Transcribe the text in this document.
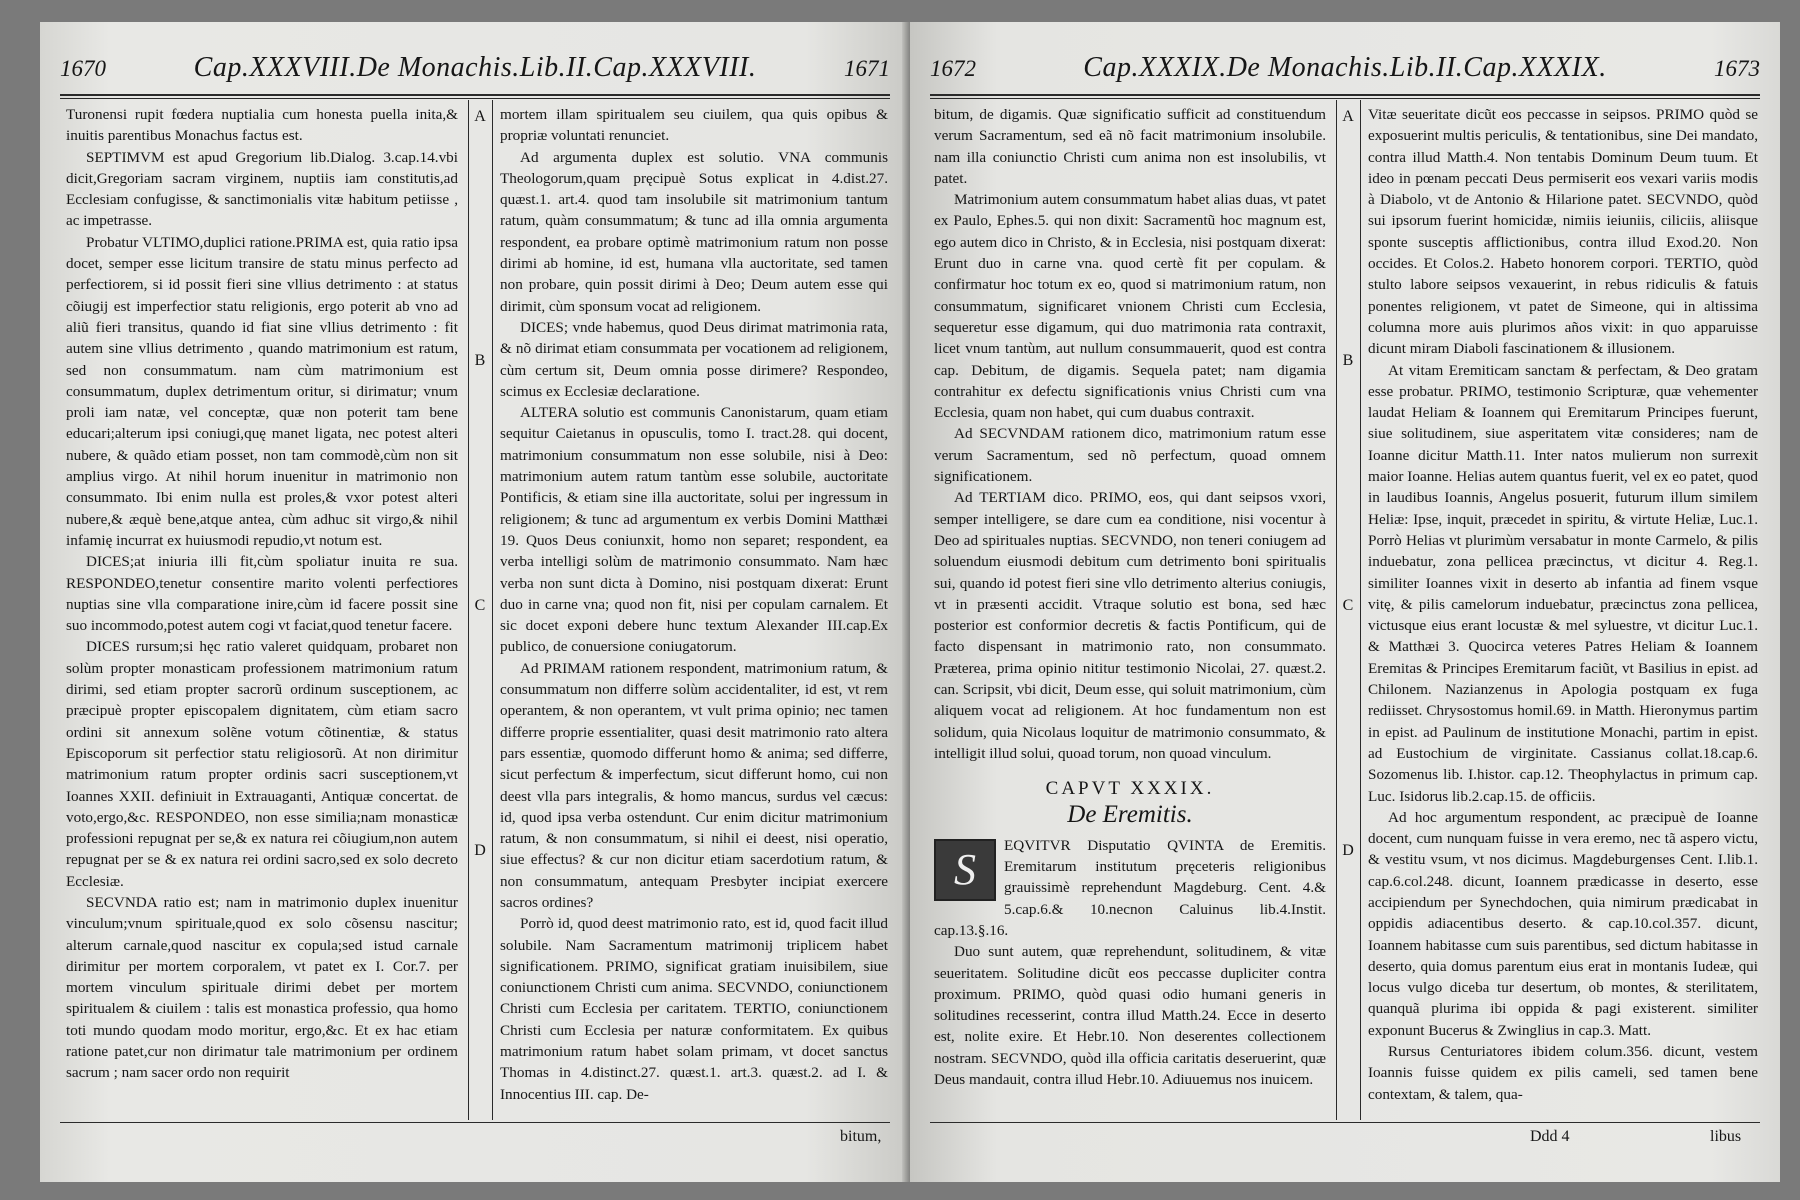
1670	Cap.XXXVIII.De Monachis.Lib.II.Cap.XXXVIII.	1671

Turonensi rupit fœdera nuptialia cum honesta puella inita,& inuitis parentibus Monachus factus est.

SEPTIMVM est apud Gregorium lib.Dialog. 3.cap.14.vbi dicit,Gregoriam sacram virginem, nuptiis iam constitutis,ad Ecclesiam confugisse, & sanctimonialis vitæ habitum petiisse , ac impetrasse.

Probatur VLTIMO,duplici ratione.PRIMA est, quia ratio ipsa docet, semper esse licitum transire de statu minus perfecto ad perfectiorem, si id possit fieri sine vllius detrimento : at status cõiugij est imperfectior statu religionis, ergo poterit ab vno ad aliũ fieri transitus, quando id fiat sine vllius detrimento : fit autem sine vllius detrimento , quando matrimonium est ratum, sed non consummatum. nam cùm matrimonium est consummatum, duplex detrimentum oritur, si dirimatur; vnum proli iam natæ, vel conceptæ, quæ non poterit tam bene educari;alterum ipsi coniugi,quę manet ligata, nec potest alteri nubere, & quãdo etiam posset, non tam commodè,cùm non sit amplius virgo. At nihil horum inuenitur in matrimonio non consummato. Ibi enim nulla est proles,& vxor potest alteri nubere,& æquè bene,atque antea, cùm adhuc sit virgo,& nihil infamię incurrat ex huiusmodi repudio,vt notum est.

DICES;at iniuria illi fit,cùm spoliatur inuita re sua. RESPONDEO,tenetur consentire marito volenti perfectiores nuptias sine vlla comparatione inire,cùm id facere possit sine suo incommodo,potest autem cogi vt faciat,quod tenetur facere.

DICES rursum;si hęc ratio valeret quidquam, probaret non solùm propter monasticam professionem matrimonium ratum dirimi, sed etiam propter sacrorũ ordinum susceptionem, ac præcipuè propter episcopalem dignitatem, cùm etiam sacro ordini sit annexum solẽne votum cõtinentiæ, & status Episcoporum sit perfectior statu religiosorũ. At non dirimitur matrimonium ratum propter ordinis sacri susceptionem,vt Ioannes XXII. definiuit in Extrauaganti, Antiquæ concertat. de voto,ergo,&c. RESPONDEO, non esse similia;nam monasticæ professioni repugnat per se,& ex natura rei cõiugium,non autem repugnat per se & ex natura rei ordini sacro,sed ex solo decreto Ecclesiæ.

SECVNDA ratio est; nam in matrimonio duplex inuenitur vinculum;vnum spirituale,quod ex solo cõsensu nascitur; alterum carnale,quod nascitur ex copula;sed istud carnale dirimitur per mortem corporalem, vt patet ex I. Cor.7. per mortem vinculum spirituale dirimi debet per mortem spiritualem & ciuilem : talis est monastica professio, qua homo toti mundo quodam modo moritur, ergo,&c. Et ex hac etiam ratione patet,cur non dirimatur tale matrimonium per ordinem sacrum ; nam sacer ordo non requirit

A
B
C
D

mortem illam spiritualem seu ciuilem, qua quis opibus & propriæ voluntati renunciet.

Ad argumenta duplex est solutio. VNA communis Theologorum,quam pręcipuè Sotus explicat in 4.dist.27. quæst.1. art.4. quod tam insolubile sit matrimonium tantum ratum, quàm consummatum; & tunc ad illa omnia argumenta respondent, ea probare optimè matrimonium ratum non posse dirimi ab homine, id est, humana vlla auctoritate, sed tamen non probare, quin possit dirimi à Deo; Deum autem esse qui dirimit, cùm sponsum vocat ad religionem.

DICES; vnde habemus, quod Deus dirimat matrimonia rata, & nõ dirimat etiam consummata per vocationem ad religionem, cùm certum sit, Deum omnia posse dirimere? Respondeo, scimus ex Ecclesiæ declaratione.

ALTERA solutio est communis Canonistarum, quam etiam sequitur Caietanus in opusculis, tomo I. tract.28. qui docent, matrimonium consummatum non esse solubile, nisi à Deo: matrimonium autem ratum tantùm esse solubile, auctoritate Pontificis, & etiam sine illa auctoritate, solui per ingressum in religionem; & tunc ad argumentum ex verbis Domini Matthæi 19. Quos Deus coniunxit, homo non separet; respondent, ea verba intelligi solùm de matrimonio consummato. Nam hæc verba non sunt dicta à Domino, nisi postquam dixerat: Erunt duo in carne vna; quod non fit, nisi per copulam carnalem. Et sic docet exponi debere hunc textum Alexander III.cap.Ex publico, de conuersione coniugatorum.

Ad PRIMAM rationem respondent, matrimonium ratum, & consummatum non differre solùm accidentaliter, id est, vt rem operantem, & non operantem, vt vult prima opinio; nec tamen differre proprie essentialiter, quasi desit matrimonio rato altera pars essentiæ, quomodo differunt homo & anima; sed differre, sicut perfectum & imperfectum, sicut differunt homo, cui non deest vlla pars integralis, & homo mancus, surdus vel cæcus: id, quod ipsa verba ostendunt. Cur enim dicitur matrimonium ratum, & non consummatum, si nihil ei deest, nisi operatio, siue effectus? & cur non dicitur etiam sacerdotium ratum, & non consummatum, antequam Presbyter incipiat exercere sacros ordines?

Porrò id, quod deest matrimonio rato, est id, quod facit illud solubile. Nam Sacramentum matrimonij triplicem habet significationem. PRIMO, significat gratiam inuisibilem, siue coniunctionem Christi cum anima. SECVNDO, coniunctionem Christi cum Ecclesia per caritatem. TERTIO, coniunctionem Christi cum Ecclesia per naturæ conformitatem. Ex quibus matrimonium ratum habet solam primam, vt docet sanctus Thomas in 4.distinct.27. quæst.1. art.3. quæst.2. ad I. & Innocentius III. cap. De-

bitum,
1672	Cap.XXXIX.De Monachis.Lib.II.Cap.XXXIX.	1673

bitum, de digamis. Quæ significatio sufficit ad constituendum verum Sacramentum, sed eã nõ facit matrimonium insolubile. nam illa coniunctio Christi cum anima non est insolubilis, vt patet.

Matrimonium autem consummatum habet alias duas, vt patet ex Paulo, Ephes.5. qui non dixit: Sacramentũ hoc magnum est, ego autem dico in Christo, & in Ecclesia, nisi postquam dixerat: Erunt duo in carne vna. quod certè fit per copulam. & confirmatur hoc totum ex eo, quod si matrimonium ratum, non consummatum, significaret vnionem Christi cum Ecclesia, sequeretur esse digamum, qui duo matrimonia rata contraxit, licet vnum tantùm, aut nullum consummauerit, quod est contra cap. Debitum, de digamis. Sequela patet; nam digamia contrahitur ex defectu significationis vnius Christi cum vna Ecclesia, quam non habet, qui cum duabus contraxit.

Ad SECVNDAM rationem dico, matrimonium ratum esse verum Sacramentum, sed nõ perfectum, quoad omnem significationem.

Ad TERTIAM dico. PRIMO, eos, qui dant seipsos vxori, semper intelligere, se dare cum ea conditione, nisi vocentur à Deo ad spirituales nuptias. SECVNDO, non teneri coniugem ad soluendum eiusmodi debitum cum detrimento boni spiritualis sui, quando id potest fieri sine vllo detrimento alterius coniugis, vt in præsenti accidit. Vtraque solutio est bona, sed hæc posterior est conformior decretis & factis Pontificum, qui de facto dispensant in matrimonio rato, non consummato. Præterea, prima opinio nititur testimonio Nicolai, 27. quæst.2. can. Scripsit, vbi dicit, Deum esse, qui soluit matrimonium, cùm aliquem vocat ad religionem. At hoc fundamentum non est solidum, quia Nicolaus loquitur de matrimonio consummato, & intelligit illud solui, quoad torum, non quoad vinculum.

CAPVT XXXIX.
De Eremitis.
S	EQVITVR Disputatio QVINTA de Eremitis. Eremitarum institutum pręceteris religionibus grauissimè reprehendunt Magdeburg. Cent. 4.& 5.cap.6.& 10.necnon Caluinus lib.4.Instit. cap.13.§.16.

Duo sunt autem, quæ reprehendunt, solitudinem, & vitæ seueritatem. Solitudine dicũt eos peccasse dupliciter contra proximum. PRIMO, quòd quasi odio humani generis in solitudines recesserint, contra illud Matth.24. Ecce in deserto est, nolite exire. Et Hebr.10. Non deserentes collectionem nostram. SECVNDO, quòd illa officia caritatis deseruerint, quæ Deus mandauit, contra illud Hebr.10. Adiuuemus nos inuicem.

A
B
C
D

Vitæ seueritate dicũt eos peccasse in seipsos. PRIMO quòd se exposuerint multis periculis, & tentationibus, sine Dei mandato, contra illud Matth.4. Non tentabis Dominum Deum tuum. Et ideo in pœnam peccati Deus permiserit eos vexari variis modis à Diabolo, vt de Antonio & Hilarione patet. SECVNDO, quòd sui ipsorum fuerint homicidæ, nimiis ieiuniis, ciliciis, aliisque sponte susceptis afflictionibus, contra illud Exod.20. Non occides. Et Colos.2. Habeto honorem corpori. TERTIO, quòd stulto labore seipsos vexauerint, in rebus ridiculis & fatuis ponentes religionem, vt patet de Simeone, qui in altissima columna more auis plurimos años vixit: in quo apparuisse dicunt miram Diaboli fascinationem & illusionem.

At vitam Eremiticam sanctam & perfectam, & Deo gratam esse probatur. PRIMO, testimonio Scripturæ, quæ vehementer laudat Heliam & Ioannem qui Eremitarum Principes fuerunt, siue solitudinem, siue asperitatem vitæ consideres; nam de Ioanne dicitur Matth.11. Inter natos mulierum non surrexit maior Ioanne. Helias autem quantus fuerit, vel ex eo patet, quod in laudibus Ioannis, Angelus posuerit, futurum illum similem Heliæ: Ipse, inquit, præcedet in spiritu, & virtute Heliæ, Luc.1. Porrò Helias vt plurimùm versabatur in monte Carmelo, & pilis induebatur, zona pellicea præcinctus, vt dicitur 4. Reg.1. similiter Ioannes vixit in deserto ab infantia ad finem vsque vitę, & pilis camelorum induebatur, præcinctus zona pellicea, victusque eius erant locustæ & mel syluestre, vt dicitur Luc.1. & Matthæi 3. Quocirca veteres Patres Heliam & Ioannem Eremitas & Principes Eremitarum faciũt, vt Basilius in epist. ad Chilonem. Nazianzenus in Apologia postquam ex fuga rediisset. Chrysostomus homil.69. in Matth. Hieronymus partim in epist. ad Paulinum de institutione Monachi, partim in epist. ad Eustochium de virginitate. Cassianus collat.18.cap.6. Sozomenus lib. I.histor. cap.12. Theophylactus in primum cap. Luc. Isidorus lib.2.cap.15. de officiis.

Ad hoc argumentum respondent, ac præcipuè de Ioanne docent, cum nunquam fuisse in vera eremo, nec tã aspero victu, & vestitu vsum, vt nos dicimus. Magdeburgenses Cent. I.lib.1. cap.6.col.248. dicunt, Ioannem prædicasse in deserto, esse accipiendum per Synechdochen, quia nimirum prædicabat in oppidis adiacentibus deserto. & cap.10.col.357. dicunt, Ioannem habitasse cum suis parentibus, sed dictum habitasse in deserto, quia domus parentum eius erat in montanis Iudeæ, qui locus vulgo diceba tur desertum, ob montes, & sterilitatem, quanquã plurima ibi oppida & pagi existerent. similiter exponunt Bucerus & Zwinglius in cap.3. Matt.

Rursus Centuriatores ibidem colum.356. dicunt, vestem Ioannis fuisse quidem ex pilis cameli, sed tamen bene contextam, & talem, qua-

Ddd 4	libus
